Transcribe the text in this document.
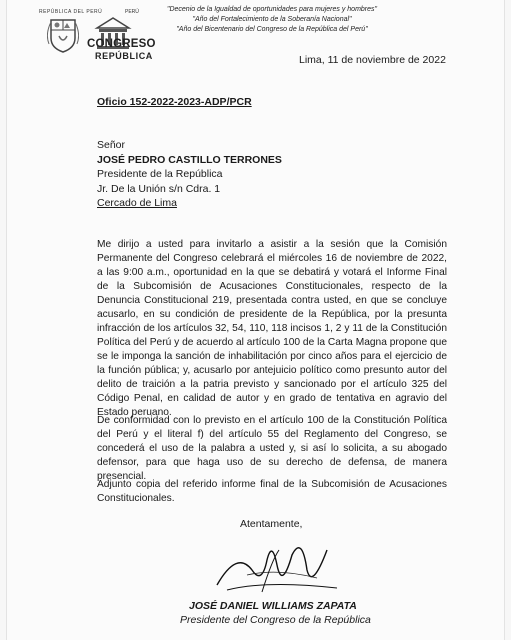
REPÚBLICA DEL PERÚ	PERÚ
CONGRESO
REPÚBLICA
"Decenio de la Igualdad de oportunidades para mujeres y hombres"
"Año del Fortalecimiento de la Soberanía Nacional"
"Año del Bicentenario del Congreso de la República del Perú"
Lima, 11 de noviembre de 2022
Oficio 152-2022-2023-ADP/PCR
Señor
JOSÉ PEDRO CASTILLO TERRONES
Presidente de la República
Jr. De la Unión s/n Cdra. 1
Cercado de Lima
Me dirijo a usted para invitarlo a asistir a la sesión que la Comisión Permanente del Congreso celebrará el miércoles 16 de noviembre de 2022, a las 9:00 a.m., oportunidad en la que se debatirá y votará el Informe Final de la Subcomisión de Acusaciones Constitucionales, respecto de la Denuncia Constitucional 219, presentada contra usted, en que se concluye acusarlo, en su condición de presidente de la República, por la presunta infracción de los artículos 32, 54, 110, 118 incisos 1, 2 y 11 de la Constitución Política del Perú y de acuerdo al artículo 100 de la Carta Magna propone que se le imponga la sanción de inhabilitación por cinco años para el ejercicio de la función pública; y, acusarlo por antejuicio político como presunto autor del delito de traición a la patria previsto y sancionado por el artículo 325 del Código Penal, en calidad de autor y en grado de tentativa en agravio del Estado peruano.
De conformidad con lo previsto en el artículo 100 de la Constitución Política del Perú y el literal f) del artículo 55 del Reglamento del Congreso, se concederá el uso de la palabra a usted y, si así lo solicita, a su abogado defensor, para que haga uso de su derecho de defensa, de manera presencial.
Adjunto copia del referido informe final de la Subcomisión de Acusaciones Constitucionales.
Atentamente,
JOSÉ DANIEL WILLIAMS ZAPATA
Presidente del Congreso de la República
